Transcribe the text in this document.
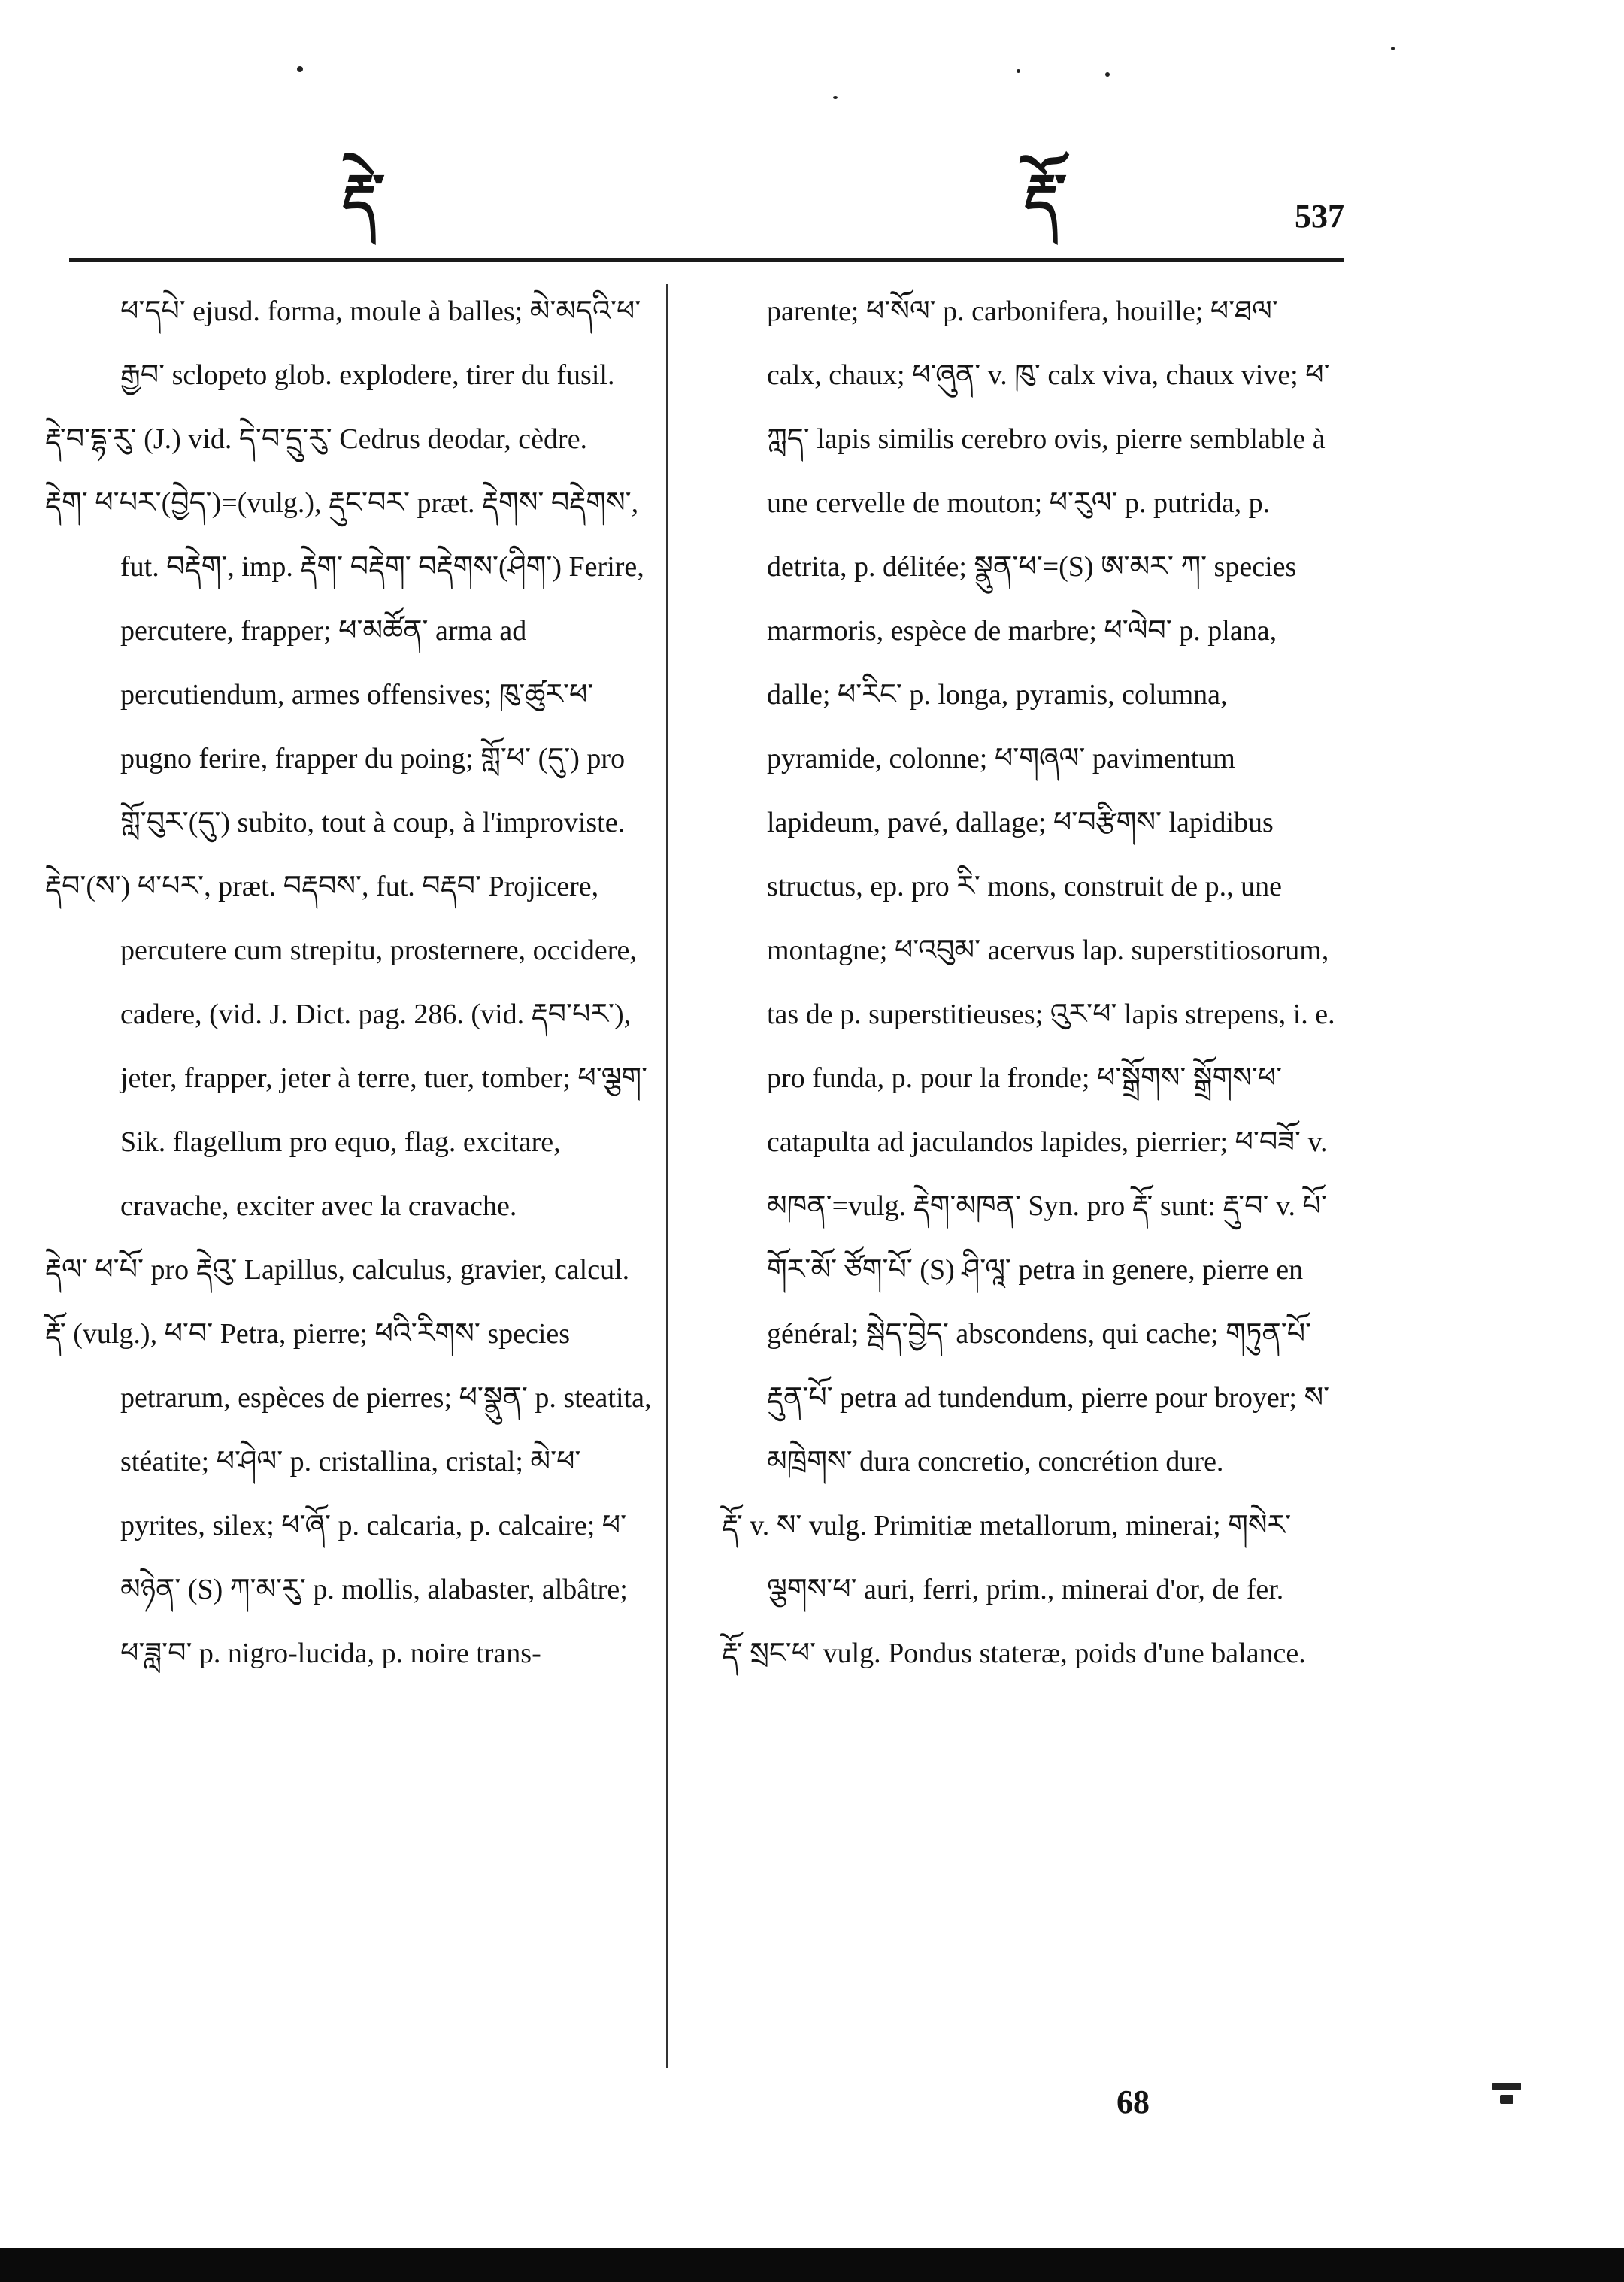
རྡེ་	རྡོ་	537

ཕ་དཔེ་ ejusd. forma, moule à balles; མེ་མདའི་ཕ་རྒྱབ་ sclopeto glob. explodere, tirer du fusil.

རྡེ་བ་དྷ་རུ་ (J.) vid. དེ་བ་དྲུ་རུ་ Cedrus deodar, cèdre.

རྡེག་ ཕ་པར་(བྱེད་)=(vulg.), རྡུང་བར་ præt. རྡེགས་ བརྡེགས་, fut. བརྡེག་, imp. རྡེག་ བརྡེག་ བརྡེགས་(ཤིག་) Ferire, percutere, frapper; ཕ་མཚོན་ arma ad percutiendum, armes offensives; ཁུ་ཚུར་ཕ་ pugno ferire, frapper du poing; གློ་ཕ་ (དུ་) pro གློ་བུར་(དུ་) subito, tout à coup, à l'improviste.

རྡེབ་(ས་) ཕ་པར་, præt. བརྡབས་, fut. བརྡབ་ Projicere, percutere cum strepitu, prosternere, occidere, cadere, (vid. J. Dict. pag. 286. (vid. རྡབ་པར་), jeter, frapper, jeter à terre, tuer, tomber; ཕ་ལྕག་ Sik. flagellum pro equo, flag. excitare, cravache, exciter avec la cravache.

རྡེལ་ ཕ་པོ་ pro རྡེའུ་ Lapillus, calculus, gravier, calcul.

རྡོ་ (vulg.), ཕ་བ་ Petra, pierre; ཕའི་རིགས་ species petrarum, espèces de pierres; ཕ་སྣུན་ p. steatita, stéatite; ཕ་ཤེལ་ p. cristallina, cristal; མེ་ཕ་ pyrites, silex; ཕ་ཞོ་ p. calcaria, p. calcaire; ཕ་མཉེན་ (S) ཀ་མ་རུ་ p. mollis, alabaster, albâtre; ཕ་ཟླ་བ་ p. nigro-lucida, p. noire trans-

parente; ཕ་སོལ་ p. carbonifera, houille; ཕ་ཐལ་ calx, chaux; ཕ་ཞུན་ v. ཁུ་ calx viva, chaux vive; ཕ་ཀླད་ lapis similis cerebro ovis, pierre semblable à une cervelle de mouton; ཕ་རུལ་ p. putrida, p. detrita, p. délitée; སྣུན་ཕ་=(S) ཨ་མར་ ཀ་ species marmoris, espèce de marbre; ཕ་ལེབ་ p. plana, dalle; ཕ་རིང་ p. longa, pyramis, columna, pyramide, colonne; ཕ་གཞལ་ pavimentum lapideum, pavé, dallage; ཕ་བརྩིགས་ lapidibus structus, ep. pro རི་ mons, construit de p., une montagne; ཕ་འབུམ་ acervus lap. superstitiosorum, tas de p. superstitieuses; འུར་ཕ་ lapis strepens, i. e. pro funda, p. pour la fronde; ཕ་སྒྲོགས་ སྒྲོགས་ཕ་ catapulta ad jaculandos lapides, pierrier; ཕ་བཟོ་ v. མཁན་=vulg. རྡེག་མཁན་ Syn. pro རྡོ་ sunt: རྡུ་བ་ v. པོ་ གོར་མོ་ ཙོག་པོ་ (S) ཤི་ལཱ་ petra in genere, pierre en général; སྦེད་བྱེད་ abscondens, qui cache; གཏུན་པོ་ རྡུན་པོ་ petra ad tundendum, pierre pour broyer; ས་མཁྲེགས་ dura concretio, concrétion dure.

རྡོ་ v. ས་ vulg. Primitiæ metallorum, minerai; གསེར་ ལྕགས་ཕ་ auri, ferri, prim., minerai d'or, de fer.

རྡོ་ སྲང་ཕ་ vulg. Pondus stateræ, poids d'une balance.

68
